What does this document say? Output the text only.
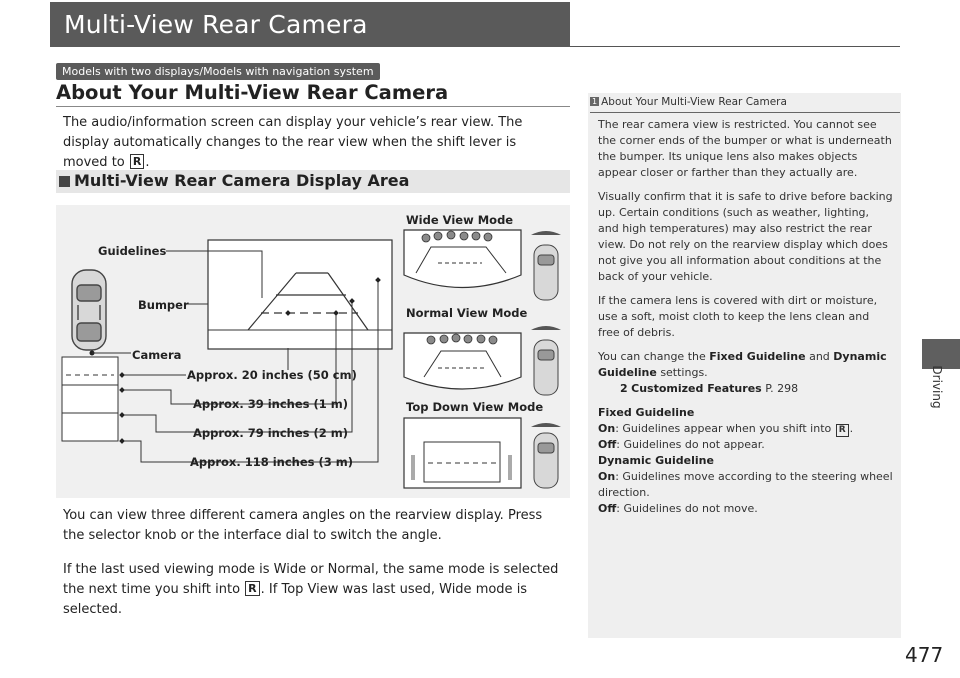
Multi-View Rear Camera
Models with two displays/Models with navigation system
About Your Multi-View Rear Camera
The audio/information screen can display your vehicle’s rear view. The display automatically changes to the rear view when the shift lever is moved to R .
Multi-View Rear Camera Display Area
Guidelines
Bumper
Camera
Approx. 20 inches (50 cm)
Approx. 39 inches (1 m)
Approx. 79 inches (2 m)
Approx. 118 inches (3 m)
Wide View Mode
Normal View Mode
Top Down View Mode
You can view three different camera angles on the rearview display. Press the selector knob or the interface dial to switch the angle.
If the last used viewing mode is Wide or Normal, the same mode is selected the next time you shift into R . If Top View was last used, Wide mode is selected.
1 About Your Multi-View Rear Camera

The rear camera view is restricted. You cannot see the corner ends of the bumper or what is underneath the bumper. Its unique lens also makes objects appear closer or farther than they actually are.

Visually confirm that it is safe to drive before backing up. Certain conditions (such as weather, lighting, and high temperatures) may also restrict the rear view. Do not rely on the rearview display which does not give you all information about conditions at the back of your vehicle.

If the camera lens is covered with dirt or moisture, use a soft, moist cloth to keep the lens clean and free of debris.

You can change the Fixed Guideline and Dynamic Guideline settings.
2 Customized Features P. 298

Fixed Guideline
On: Guidelines appear when you shift into R .
Off: Guidelines do not appear.
Dynamic Guideline
On: Guidelines move according to the steering wheel direction.
Off: Guidelines do not move.

Driving
477
